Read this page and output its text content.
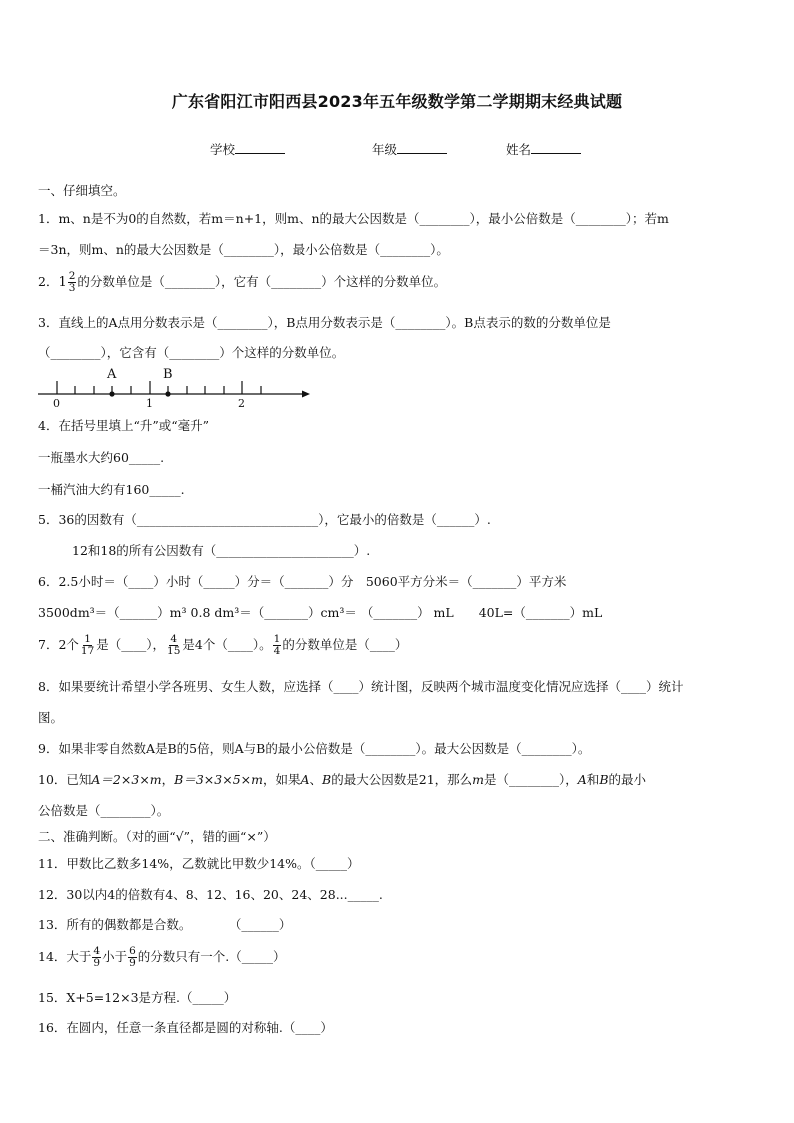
广东省阳江市阳西县2023年五年级数学第二学期期末经典试题
学校	年级	姓名
一、仔细填空。
1．m、n是不为0的自然数，若m＝n+1，则m、n的最大公因数是（________），最小公倍数是（________）；若m
＝3n，则m、n的最大公因数是（________），最小公倍数是（________）。
2．$1 \frac{2}{3}$ 的分数单位是（________），它有（________）个这样的分数单位。
3．直线上的A点用分数表示是（________），B点用分数表示是（________）。B点表示的数的分数单位是
（________），它含有（________）个这样的分数单位。
A	B
0	1	2
4．在括号里填上“升”或“毫升”
一瓶墨水大约60_____.
一桶汽油大约有160_____.
5．36的因数有（_____________________________），它最小的倍数是（______）.
12和18的所有公因数有（______________________）.
6．2.5小时＝（____）小时（_____）分＝（_______）分　5060平方分米＝（_______）平方米
3500dm³＝（______）m³ 0.8 dm³＝（_______）cm³＝ （_______） mL　　40L=（_______）mL
7．2个 $\frac{1}{17}$ 是（____）， $\frac{4}{15}$ 是4个（____）。 $\frac{1}{4}$ 的分数单位是（____）
8．如果要统计希望小学各班男、女生人数，应选择（____）统计图，反映两个城市温度变化情况应选择（____）统计
图。
9．如果非零自然数A是B的5倍，则A与B的最小公倍数是（________）。最大公因数是（________）。
10．已知A＝2×3×m，B＝3×3×5×m，如果A、B的最大公因数是21，那么m是（________），A和B的最小
公倍数是（________）。
二、准确判断。（对的画“√”，错的画“×”）
11．甲数比乙数多14%，乙数就比甲数少14%。（_____）
12．30以内4的倍数有4、8、12、16、20、24、28..._____.
13．所有的偶数都是合数。　　　　（______）
14．大于 $\frac{4}{9}$ 小于 $\frac{6}{9}$ 的分数只有一个.（_____）
15．X+5=12×3是方程.（_____）
16．在圆内，任意一条直径都是圆的对称轴.（____）
